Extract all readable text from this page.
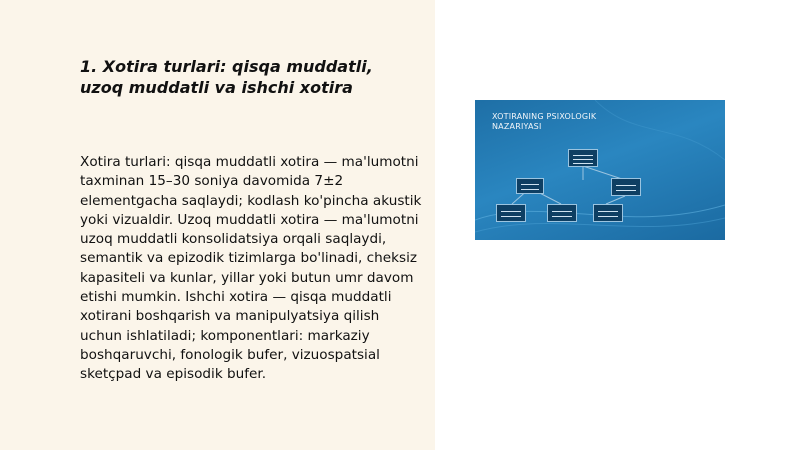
1. Xotira turlari: qisqa muddatli, uzoq muddatli va ishchi xotira

Xotira turlari: qisqa muddatli xotira — ma'lumotni taxminan 15–30 soniya davomida 7±2 elementgacha saqlaydi; kodlash ko'pincha akustik yoki vizualdir. Uzoq muddatli xotira — ma'lumotni uzoq muddatli konsolidatsiya orqali saqlaydi, semantik va epizodik tizimlarga bo'linadi, cheksiz kapasiteli va kunlar, yillar yoki butun umr davom etishi mumkin. Ishchi xotira — qisqa muddatli xotirani boshqarish va manipulyatsiya qilish uchun ishlatiladi; komponentlari: markaziy boshqaruvchi, fonologik bufer, vizuospatsial sketçpad va episodik bufer.

XOTIRANING PSIXOLOGIK NAZARIYASI
